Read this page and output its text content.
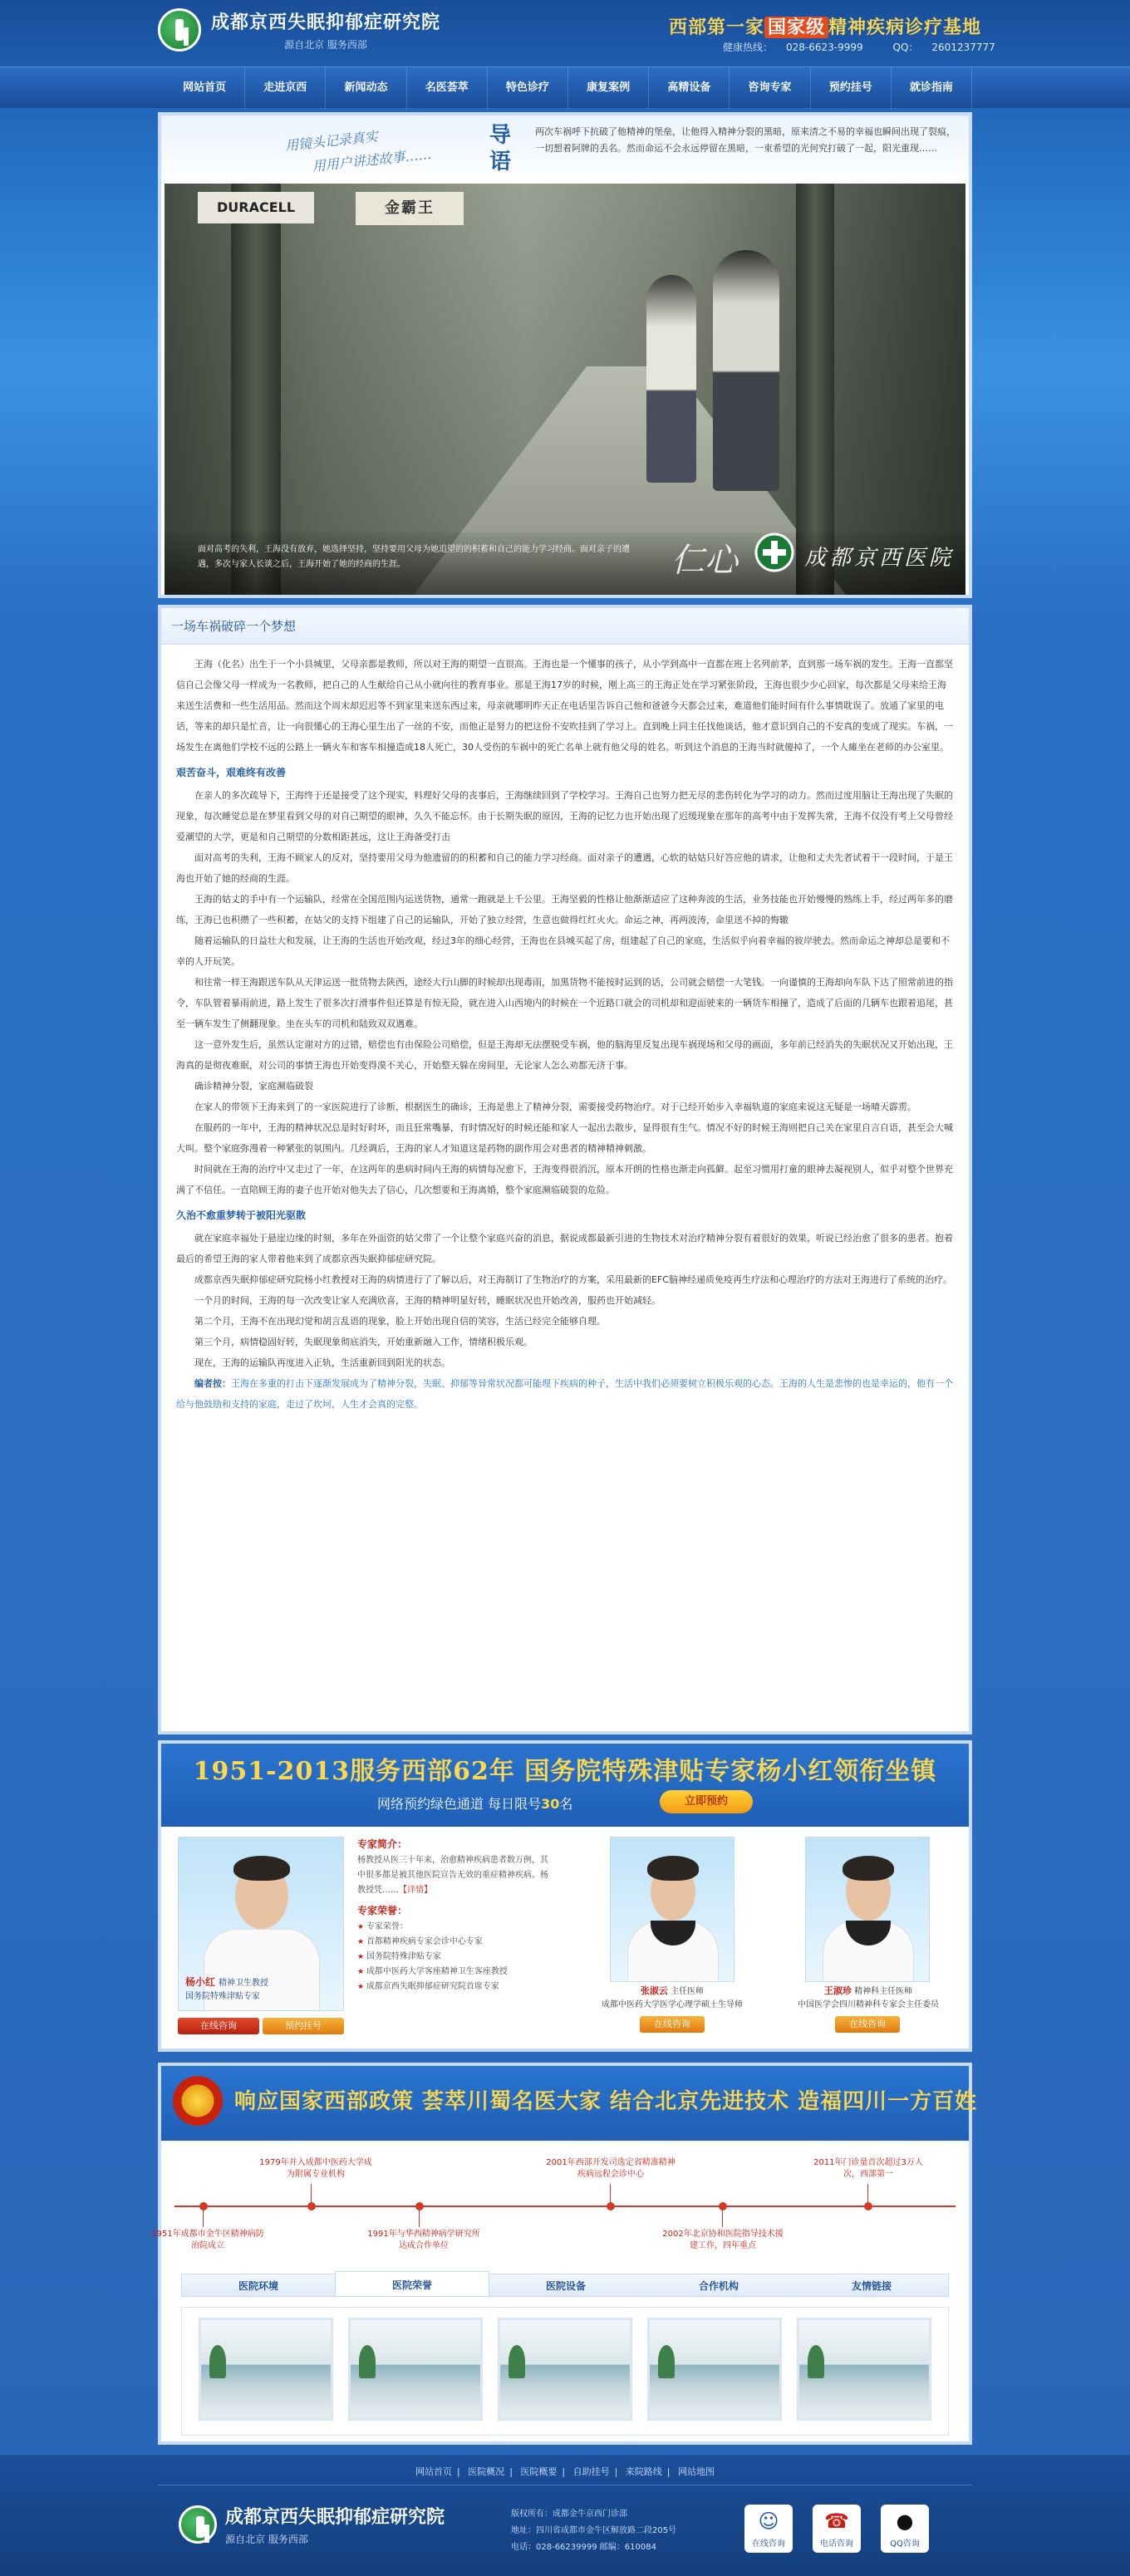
成都京西失眠抑郁症研究院
源自北京 服务西部
西部第一家 国家级 精神疾病诊疗基地
健康热线： 028-6623-9999	QQ： 2601237777
网站首页	走进京西	新闻动态	名医荟萃	特色诊疗	康复案例	高精设备	咨询专家	预约挂号	就诊指南
用镜头记录真实
用用户讲述故事……
导语
两次车祸呼下抗破了他精神的堡垒，让他得入精神分裂的黑暗，原来清之不易的幸福也瞬间出现了裂痕，一切想着阿牌的丢名。然而命运不会永远停留在黑暗，一束希望的光何究打破了一起，阳光重现……
DURACELL	金霸王
面对高考的失利，王海没有放弃，她选择坚持，坚持要用父母为她追望的的积蓄和自己的能力学习经商。面对亲子的遭遇，多次与家人长谈之后，王海开始了她的经商的生涯。	仁心	成都京西医院
一场车祸破碎一个梦想

王海（化名）出生于一个小县城里，父母亲都是教师，所以对王海的期望一直很高。王海也是一个懂事的孩子，从小学到高中一直都在班上名列前茅，直到那一场车祸的发生。王海一直都坚信自己会像父母一样成为一名教师，把自己的人生献给自己从小就向往的教育事业。那是王海17岁的时候，刚上高三的王海正处在学习紧张阶段，王海也很少少心回家，每次都是父母来给王海来送生活费和一些生活用品。然而这个周末却迟迟等不到家里来送东西过来，母亲就哪明昨天正在电话里告诉自己他和爸爸今天都会过来，难道他们能时间有什么事情耽误了。放通了家里的电话，等来的却只是忙音，让一向很懂心的王海心里生出了一丝的不安，而他正是努力的把这份不安吹挂到了学习上。直到晚上同主任找他谈话，他才意识到自己的不安真的变成了现实。车祸，一场发生在离他们学校不远的公路上一辆火车和客车相撞造成18人死亡，30人受伤的车祸中的死亡名单上就有他父母的姓名。听到这个消息的王海当时就傻掉了，一个人瘫坐在老师的办公室里。

艰苦奋斗，艰难终有改善

在亲人的多次疏导下，王海终于还是接受了这个现实，料理好父母的丧事后，王海继续回到了学校学习。王海自己也努力把无尽的悲伤转化为学习的动力。然而过度用脑让王海出现了失眠的现象，每次睡觉总是在梦里看到父母的对自己期望的眼神，久久不能忘怀。由于长期失眠的原因，王海的记忆力也开始出现了迟缓现象在那年的高考中由于发挥失常，王海不仅没有考上父母曾经爱潮望的大学，更是和自己期望的分数相距甚远，这让王海备受打击

面对高考的失利，王海不顾家人的反对，坚持要用父母为他遗留的的积蓄和自己的能力学习经商。面对亲子的遭遇，心软的姑姑只好答应他的请求，让他和丈夫先者试着干一段时间，于是王海也开始了她的经商的生涯。

王海的姑丈的手中有一个运输队，经常在全国范围内运送货物，通常一跑就是上千公里。王海坚毅的性格让他渐渐适应了这种奔波的生活，业务技能也开始慢慢的熟练上手，经过两年多的磨练，王海已也积攒了一些积蓄，在姑父的支持下组建了自己的运输队，开始了独立经营，生意也做得红红火火。命运之神，再两波涛，命里送不掉的悔辙

随着运输队的日益壮大和发展，让王海的生活也开始改观，经过3年的细心经营，王海也在县城买起了房，组建起了自己的家庭，生活似乎向着幸福的彼岸驶去。然而命运之神却总是要和不幸的人开玩笑。

和往常一样王海跟送车队从天津运送一批货物去陕西，途经大行山脚的时候却出现毒雨，加黑货物不能按时运到的话，公司就会赔偿一大笔钱。一向谨慎的王海却向车队下达了照常前进的指令，车队管着暴雨前进，路上发生了很多次打滑事件但还算是有惊无险，就在进入山西境内的时候在一个近路口就会的司机却和迎面驶来的一辆货车相撞了，造成了后面的几辆车也跟着追尾，甚至一辆车发生了侧翻现象。坐在头车的司机和陆致双双遇难。

这一意外发生后，虽然认定谢对方的过错，赔偿也有由保险公司赔偿，但是王海却无法摆脱受车祸，他的脑海里反复出现车祸现场和父母的画面，多年前已经消失的失眠状况又开始出现，王海真的是彻夜难眠，对公司的事情王海也开始变得漠不关心，开始整天躲在房间里，无论家人怎么劝都无济于事。

确诊精神分裂，家庭濒临破裂

在家人的带领下王海来到了的一家医院进行了诊断，根据医生的确诊，王海是患上了精神分裂，需要接受药物治疗。对于已经开始步入幸福轨道的家庭来说这无疑是一场晴天霹雳。

在服药的一年中，王海的精神状况总是时好时坏，而且狂常嘴暴，有时情况好的时候还能和家人一起出去散步，显得很有生气。情况不好的时候王海则把自己关在家里自言自语，甚至会大喊大叫。整个家庭弥漫着一种紧张的氛围内。几经调后，王海的家人才知道这是药物的副作用会对患者的精神精神刺激。

时间就在王海的治疗中又走过了一年，在这两年的患病时间内王海的病情每况愈下，王海变得很消沉，原本开朗的性格也渐走向孤僻。起至习惯用打童的眼神去凝视别人，似乎对整个世界充满了不信任。一直陪顾王海的妻子也开始对他失去了信心，几次想要和王海离婚，整个家庭濒临破裂的危险。

久治不愈重梦转于被阳光驱散

就在家庭幸福处于悬崖边缘的时刻，多年在外面资的姑父带了一个让整个家庭兴奋的消息，据说成都最新引进的生物技术对治疗精神分裂有着很好的效果，听说已经治愈了很多的患者。抱着最后的希望王海的家人带着他来到了成都京西失眠抑郁症研究院。

成都京西失眠抑郁症研究院杨小红教授对王海的病情进行了了解以后，对王海制订了生物治疗的方案，采用最新的EFC脑神经递质免疫再生疗法和心理治疗的方法对王海进行了系统的治疗。

一个月的时间，王海的每一次改变让家人充满欣喜，王海的精神明显好转，睡眠状况也开始改善，服药也开始减轻。

第二个月，王海不在出现幻觉和胡言乱语的现象，脸上开始出现自信的笑容，生活已经完全能够自理。

第三个月，病情稳固好转，失眠现象彻底消失，开始重新融入工作，情绪积极乐观。

现在，王海的运输队再度进入正轨，生活重新回到阳光的状态。

编者按：王海在多重的打击下逐渐发展成为了精神分裂，失眠、抑郁等异常状况都可能埋下疾病的种子，生活中我们必须要树立积极乐观的心态。王海的人生是悲惨的也是幸运的，他有一个给与他鼓励和支持的家庭，走过了坎坷，人生才会真的完整。

1951-2013服务西部62年 国务院特殊津贴专家杨小红领衔坐镇
网络预约绿色通道 每日限号30名	立即预约
杨小红 精神卫生教授
国务院特殊津贴专家
在线咨询	预约挂号
专家简介：
杨教授从医三十年来，治愈精神疾病患者数万例，其中很多都是被其他医院宣告无效的重症精神疾病。杨教授凭……【详情】
专家荣誉：
★ 专家荣誉：
★ 首都精神疾病专家会诊中心专家
★ 国务院特殊津贴专家
★ 成都中医药大学客座精神卫生客座教授
★ 成都京西失眠抑郁症研究院首席专家	张淑云 主任医师
成都中医药大学医学心理学硕士生导师
在线咨询
王淑珍 精神科主任医师
中国医学会四川精神科专家会主任委员
在线咨询
响应国家西部政策 荟萃川蜀名医大家 结合北京先进技术 造福四川一方百姓
1951年成都市金牛区精神病防治院成立
1979年并入成都中医药大学成为附属专业机构
1991年与华西精神病学研究所达成合作单位
2001年西部开发司选定省精准精神疾病远程会诊中心
2002年北京协和医院指导技术援建工作，四年重点
2011年门诊量首次超过3万人次，西部第一
医院环境	医院荣誉	医院设备	合作机构	友情链接
网站首页 | 医院概况 | 医院概要 | 自助挂号 | 来院路线 | 网站地图
成都京西失眠抑郁症研究院
源自北京 服务西部
版权所有：成都金牛京西门诊部
地址：四川省成都市金牛区解放路二段205号
电话：028-66239999 邮编：610084
☺
在线咨询
☎
电话咨询
●
QQ咨询
